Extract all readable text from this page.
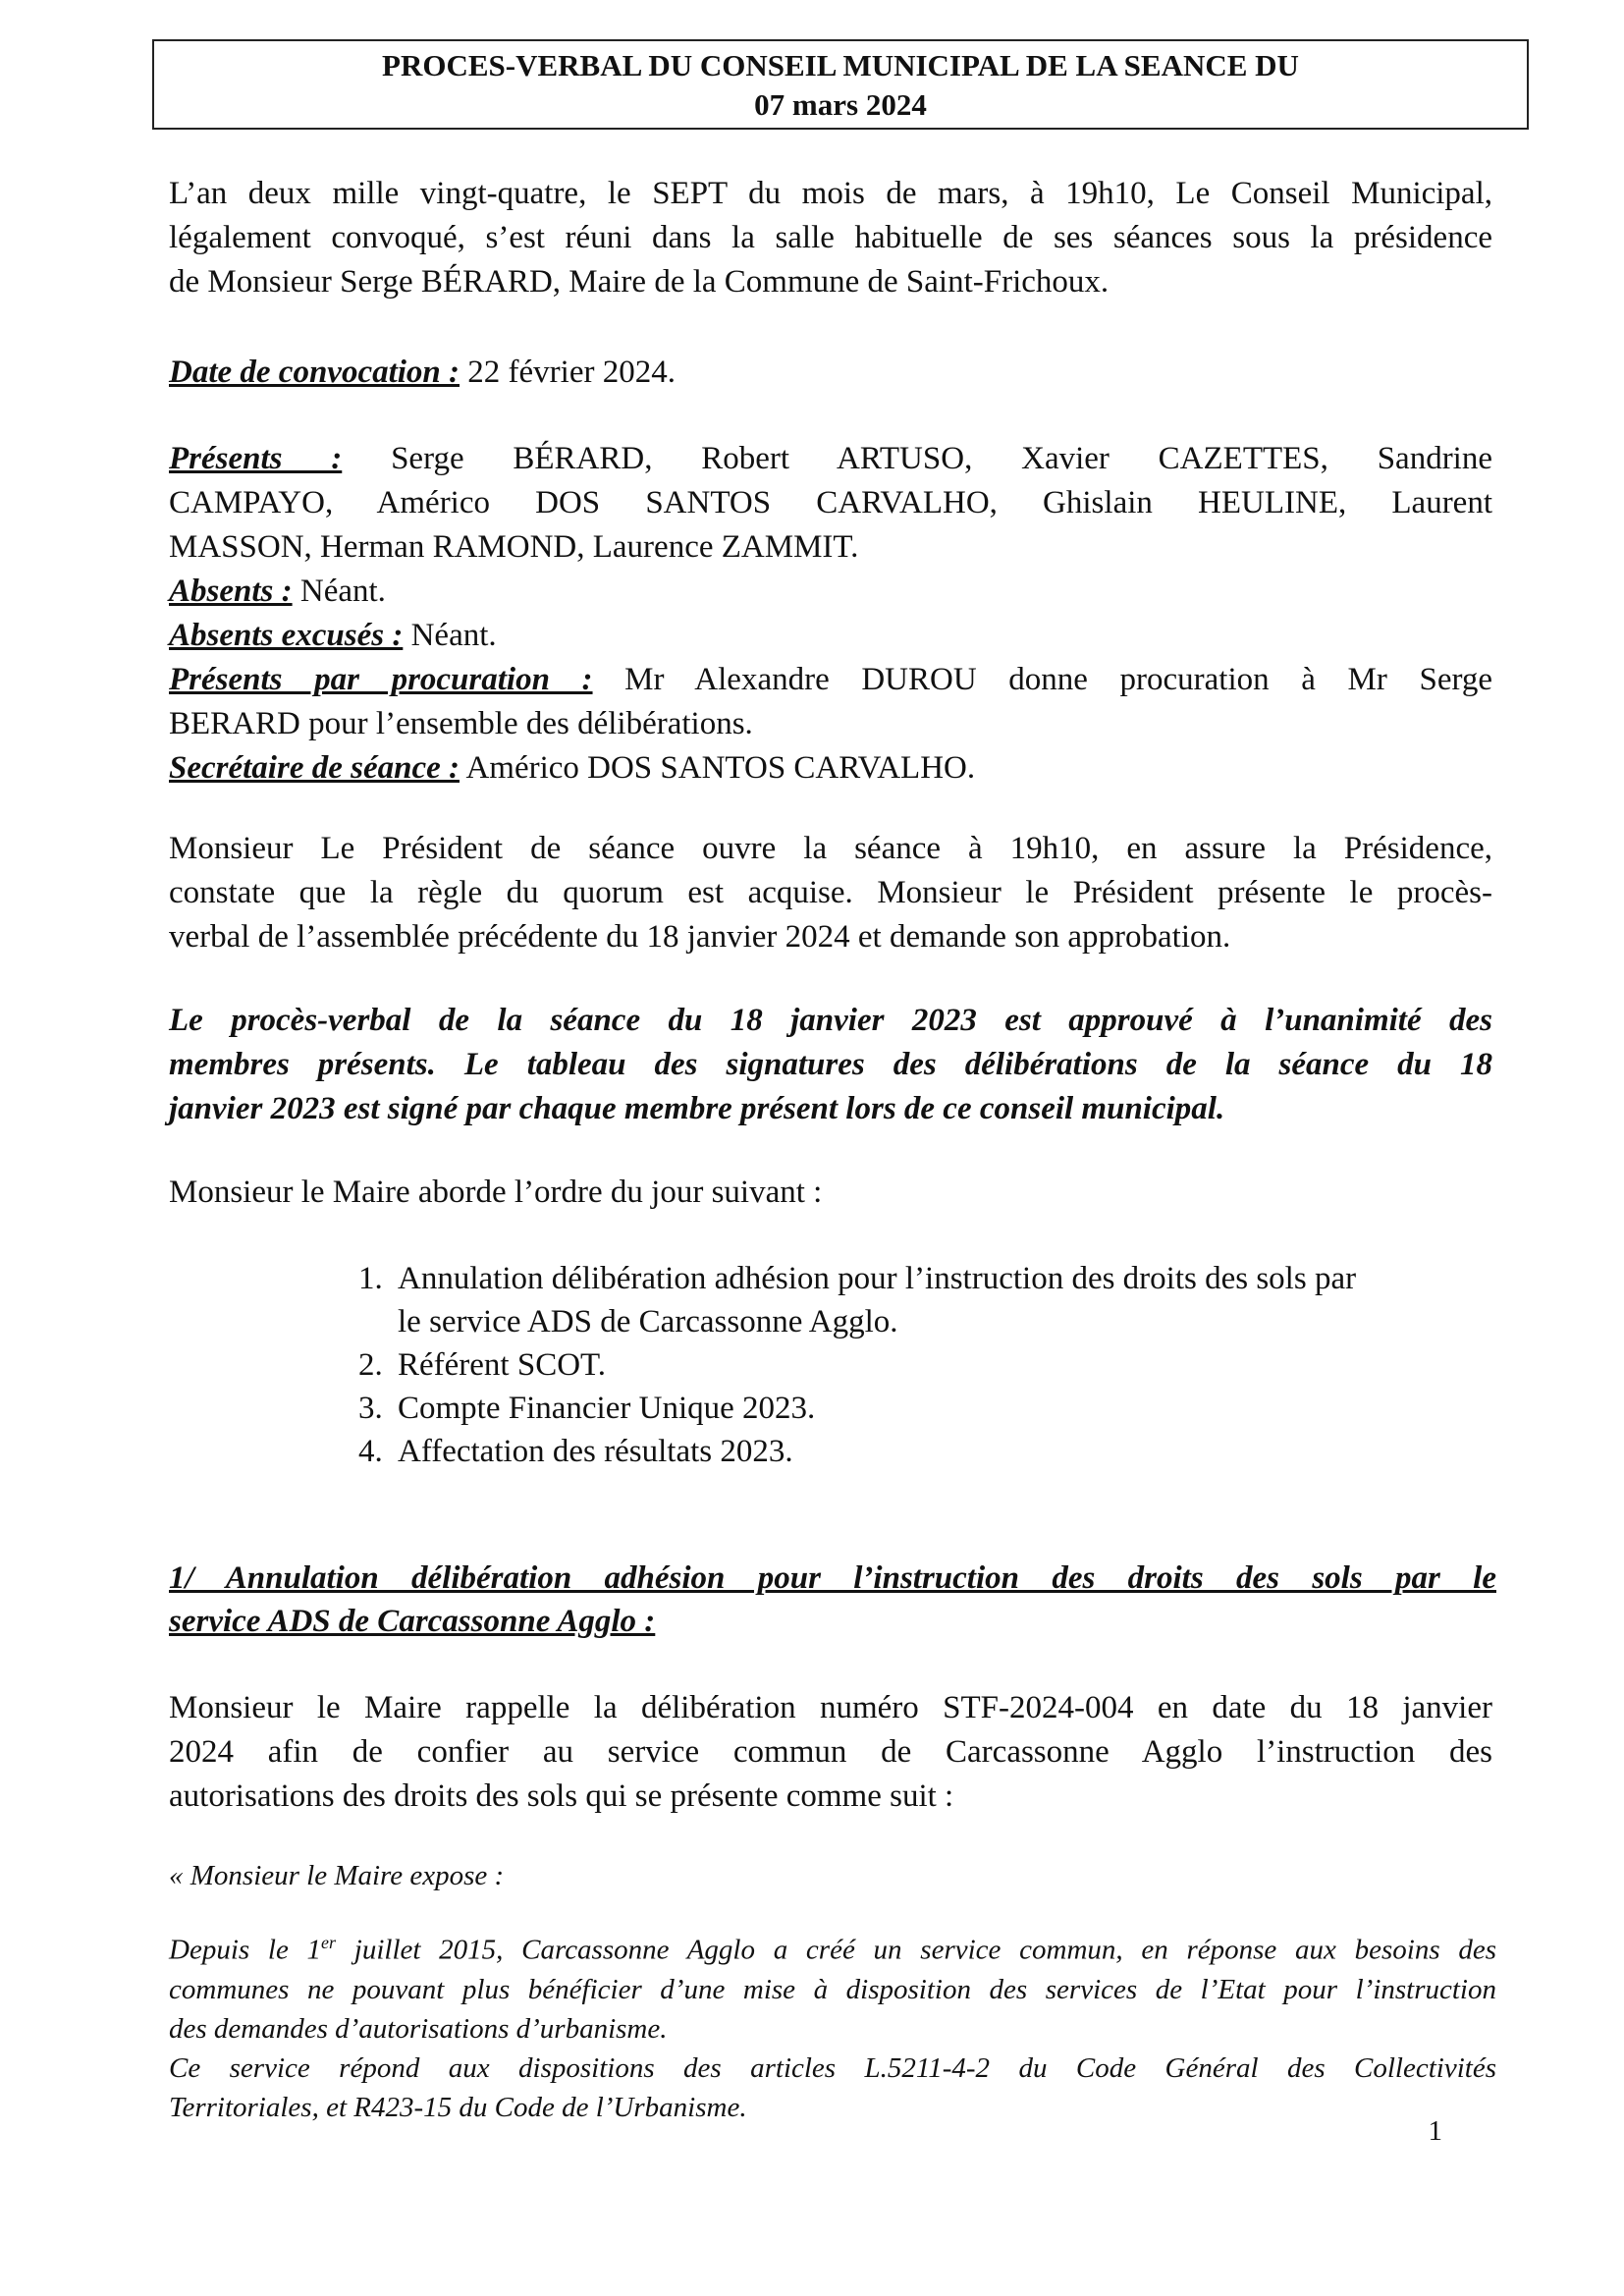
PROCES-VERBAL DU CONSEIL MUNICIPAL DE LA SEANCE DU
07 mars 2024
L’an deux mille vingt-quatre, le SEPT du mois de mars, à 19h10, Le Conseil Municipal,
légalement convoqué, s’est réuni dans la salle habituelle de ses séances sous la présidence
de Monsieur Serge BÉRARD, Maire de la Commune de Saint-Frichoux.
Date de convocation : 22 février 2024.
Présents : Serge BÉRARD, Robert ARTUSO, Xavier CAZETTES, Sandrine
CAMPAYO, Américo DOS SANTOS CARVALHO, Ghislain HEULINE, Laurent
MASSON, Herman RAMOND, Laurence ZAMMIT.
Absents : Néant.
Absents excusés : Néant.
Présents par procuration : Mr Alexandre DUROU donne procuration à Mr Serge
BERARD pour l’ensemble des délibérations.
Secrétaire de séance : Américo DOS SANTOS CARVALHO.
Monsieur Le Président de séance ouvre la séance à 19h10, en assure la Présidence,
constate que la règle du quorum est acquise. Monsieur le Président présente le procès-
verbal de l’assemblée précédente du 18 janvier 2024 et demande son approbation.
Le procès-verbal de la séance du 18 janvier 2023 est approuvé à l’unanimité des
membres présents. Le tableau des signatures des délibérations de la séance du 18
janvier 2023 est signé par chaque membre présent lors de ce conseil municipal.
Monsieur le Maire aborde l’ordre du jour suivant :
1. Annulation délibération adhésion pour l’instruction des droits des sols par
le service ADS de Carcassonne Agglo.
2. Référent SCOT.
3. Compte Financier Unique 2023.
4. Affectation des résultats 2023.
1/ Annulation délibération adhésion pour l’instruction des droits des sols par le
service ADS de Carcassonne Agglo :
Monsieur le Maire rappelle la délibération numéro STF-2024-004 en date du 18 janvier
2024 afin de confier au service commun de Carcassonne Agglo l’instruction des
autorisations des droits des sols qui se présente comme suit :
« Monsieur le Maire expose :
Depuis le 1er juillet 2015, Carcassonne Agglo a créé un service commun, en réponse aux besoins des
communes ne pouvant plus bénéficier d’une mise à disposition des services de l’Etat pour l’instruction
des demandes d’autorisations d’urbanisme.
Ce service répond aux dispositions des articles L.5211-4-2 du Code Général des Collectivités
Territoriales, et R423-15 du Code de l’Urbanisme.
1
